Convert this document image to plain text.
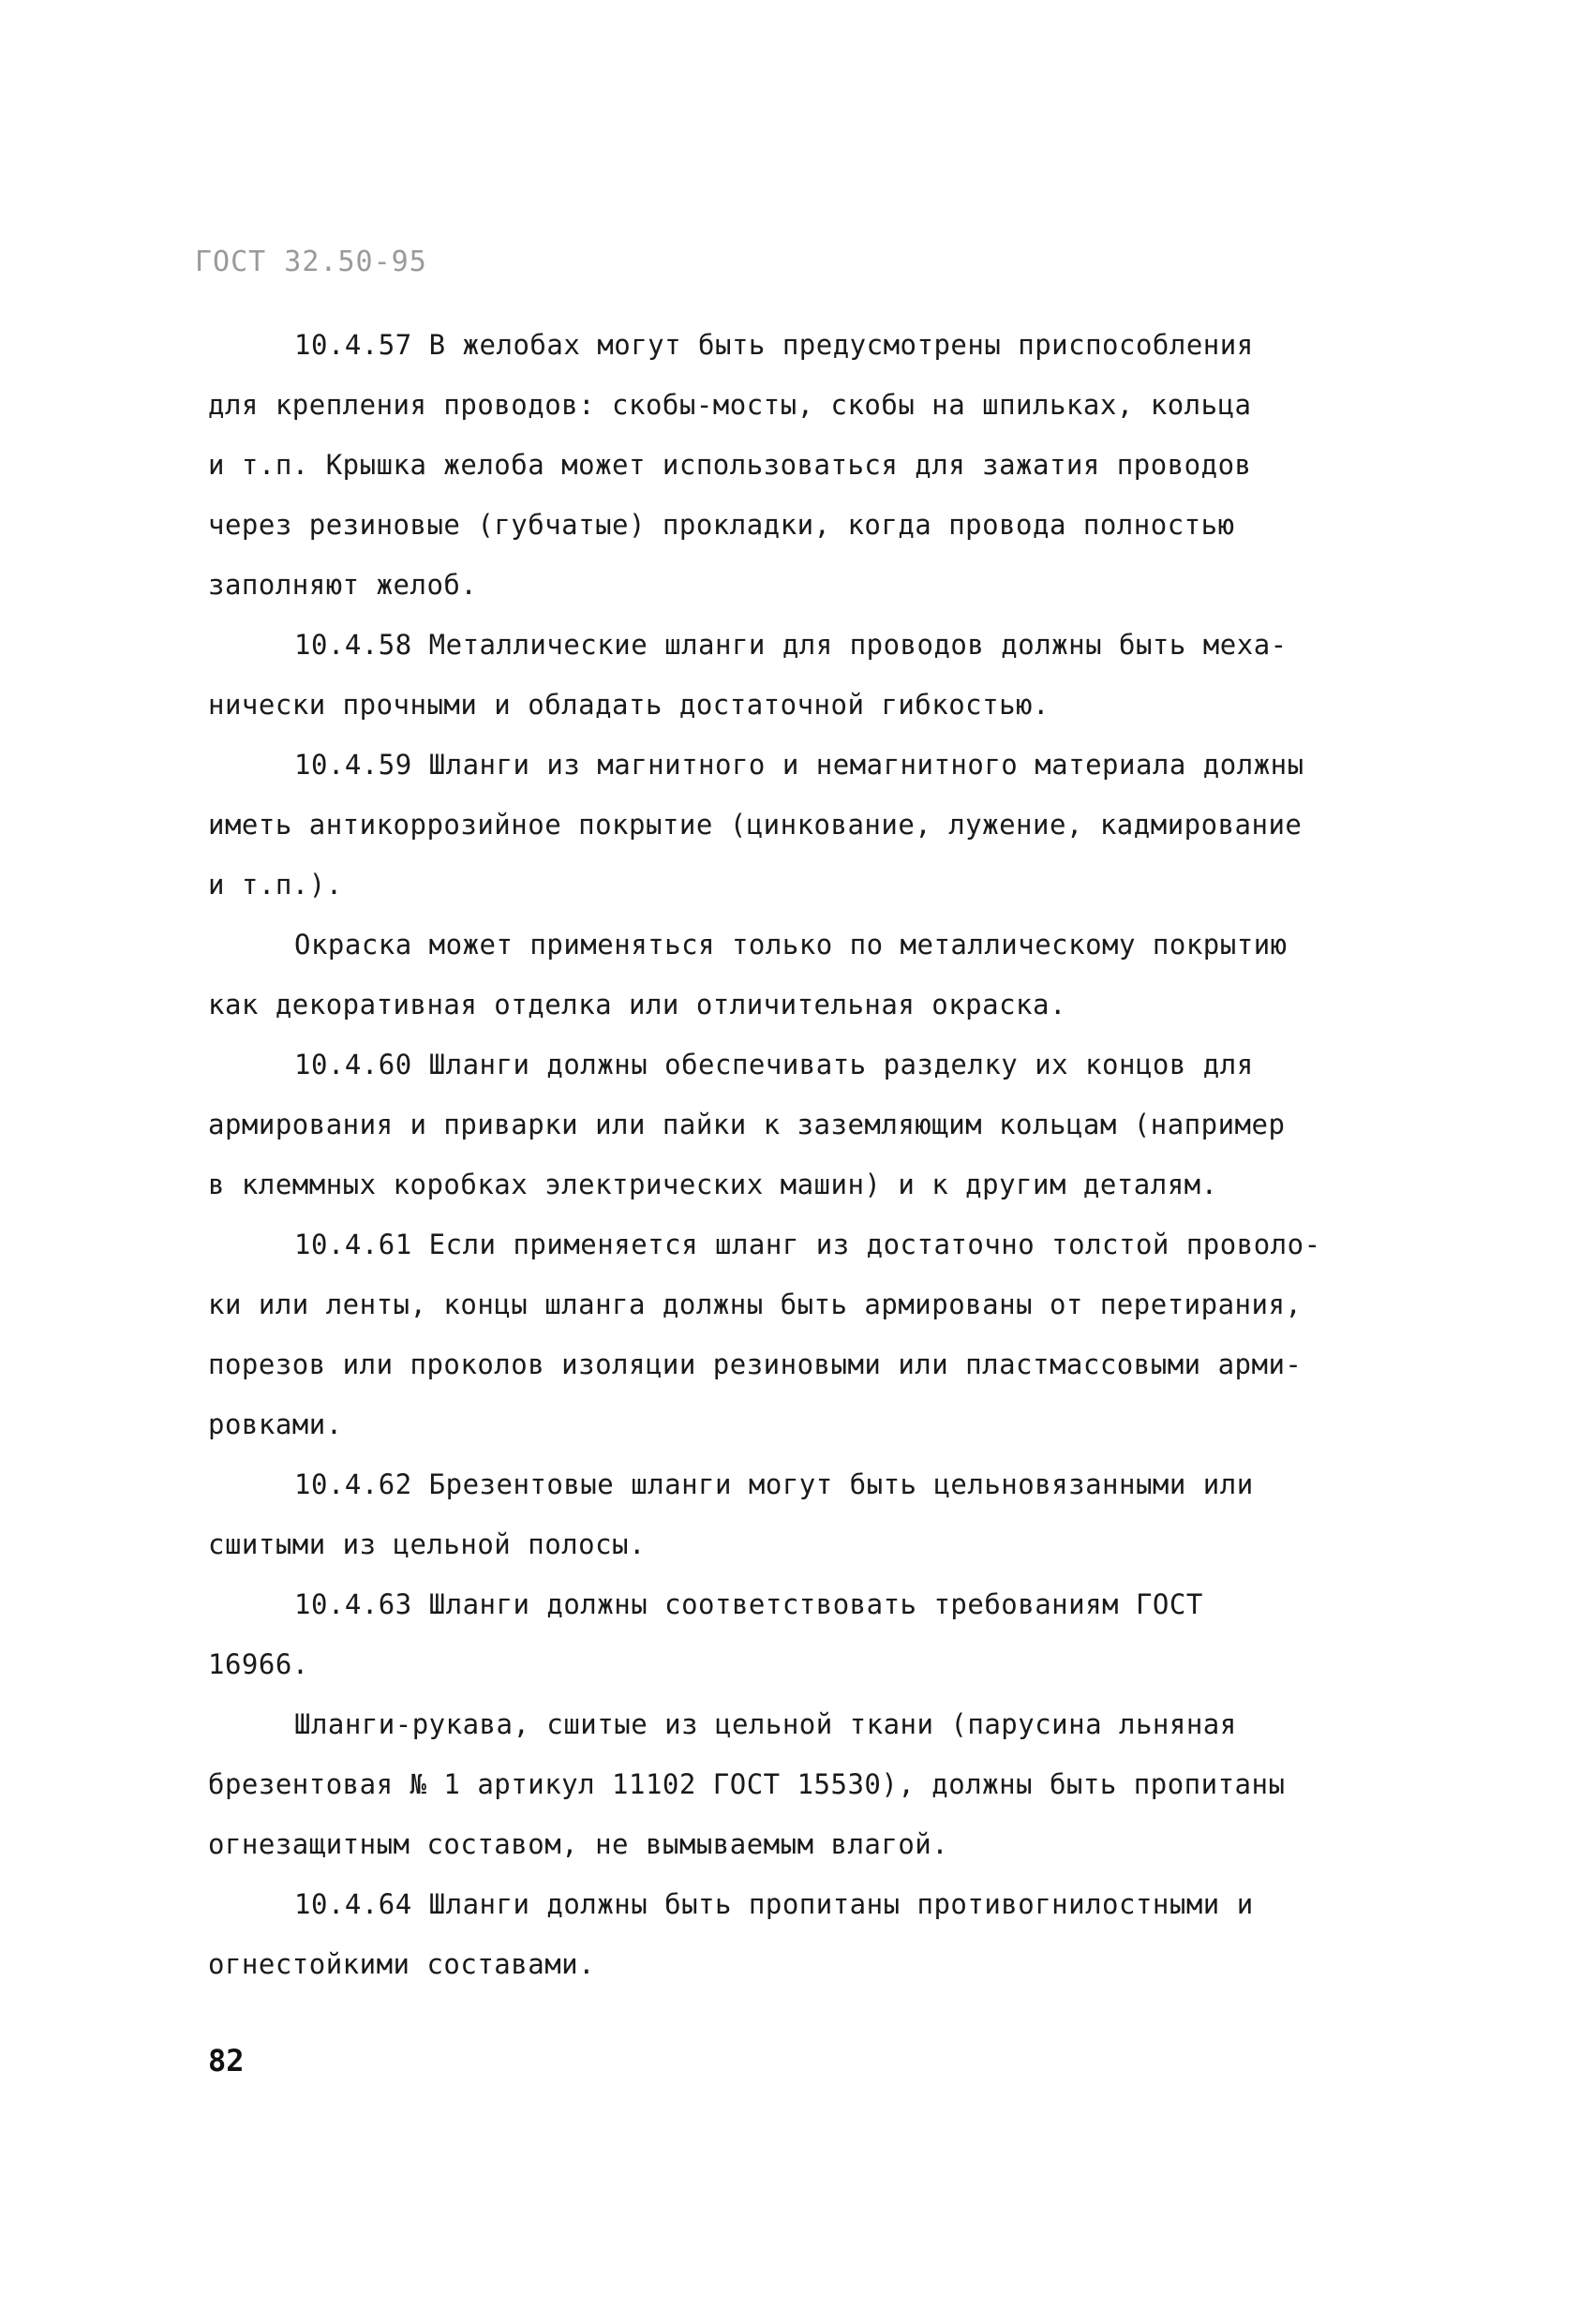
ГОСТ 32.50-95
10.4.57 В желобах могут быть предусмотрены приспособления
для крепления проводов: скобы-мосты, скобы на шпильках, кольца
и т.п. Крышка желоба может использоваться для зажатия проводов
через резиновые (губчатые) прокладки, когда провода полностью
заполняют желоб.
10.4.58 Металлические шланги для проводов должны быть меха-
нически прочными и обладать достаточной гибкостью.
10.4.59 Шланги из магнитного и немагнитного материала должны
иметь антикоррозийное покрытие (цинкование, лужение, кадмирование
и т.п.).
Окраска может применяться только по металлическому покрытию
как декоративная отделка или отличительная окраска.
10.4.60 Шланги должны обеспечивать разделку их концов для
армирования и приварки или пайки к заземляющим кольцам (например
в клеммных коробках электрических машин) и к другим деталям.
10.4.61 Если применяется шланг из достаточно толстой проволо-
ки или ленты, концы шланга должны быть армированы от перетирания,
порезов или проколов изоляции резиновыми или пластмассовыми арми-
ровками.
10.4.62 Брезентовые шланги могут быть цельновязанными или
сшитыми из цельной полосы.
10.4.63 Шланги должны соответствовать требованиям ГОСТ
16966.
Шланги-рукава, сшитые из цельной ткани (парусина льняная
брезентовая № 1 артикул 11102 ГОСТ 15530), должны быть пропитаны
огнезащитным составом, не вымываемым влагой.
10.4.64 Шланги должны быть пропитаны противогнилостными и
огнестойкими составами.
82
